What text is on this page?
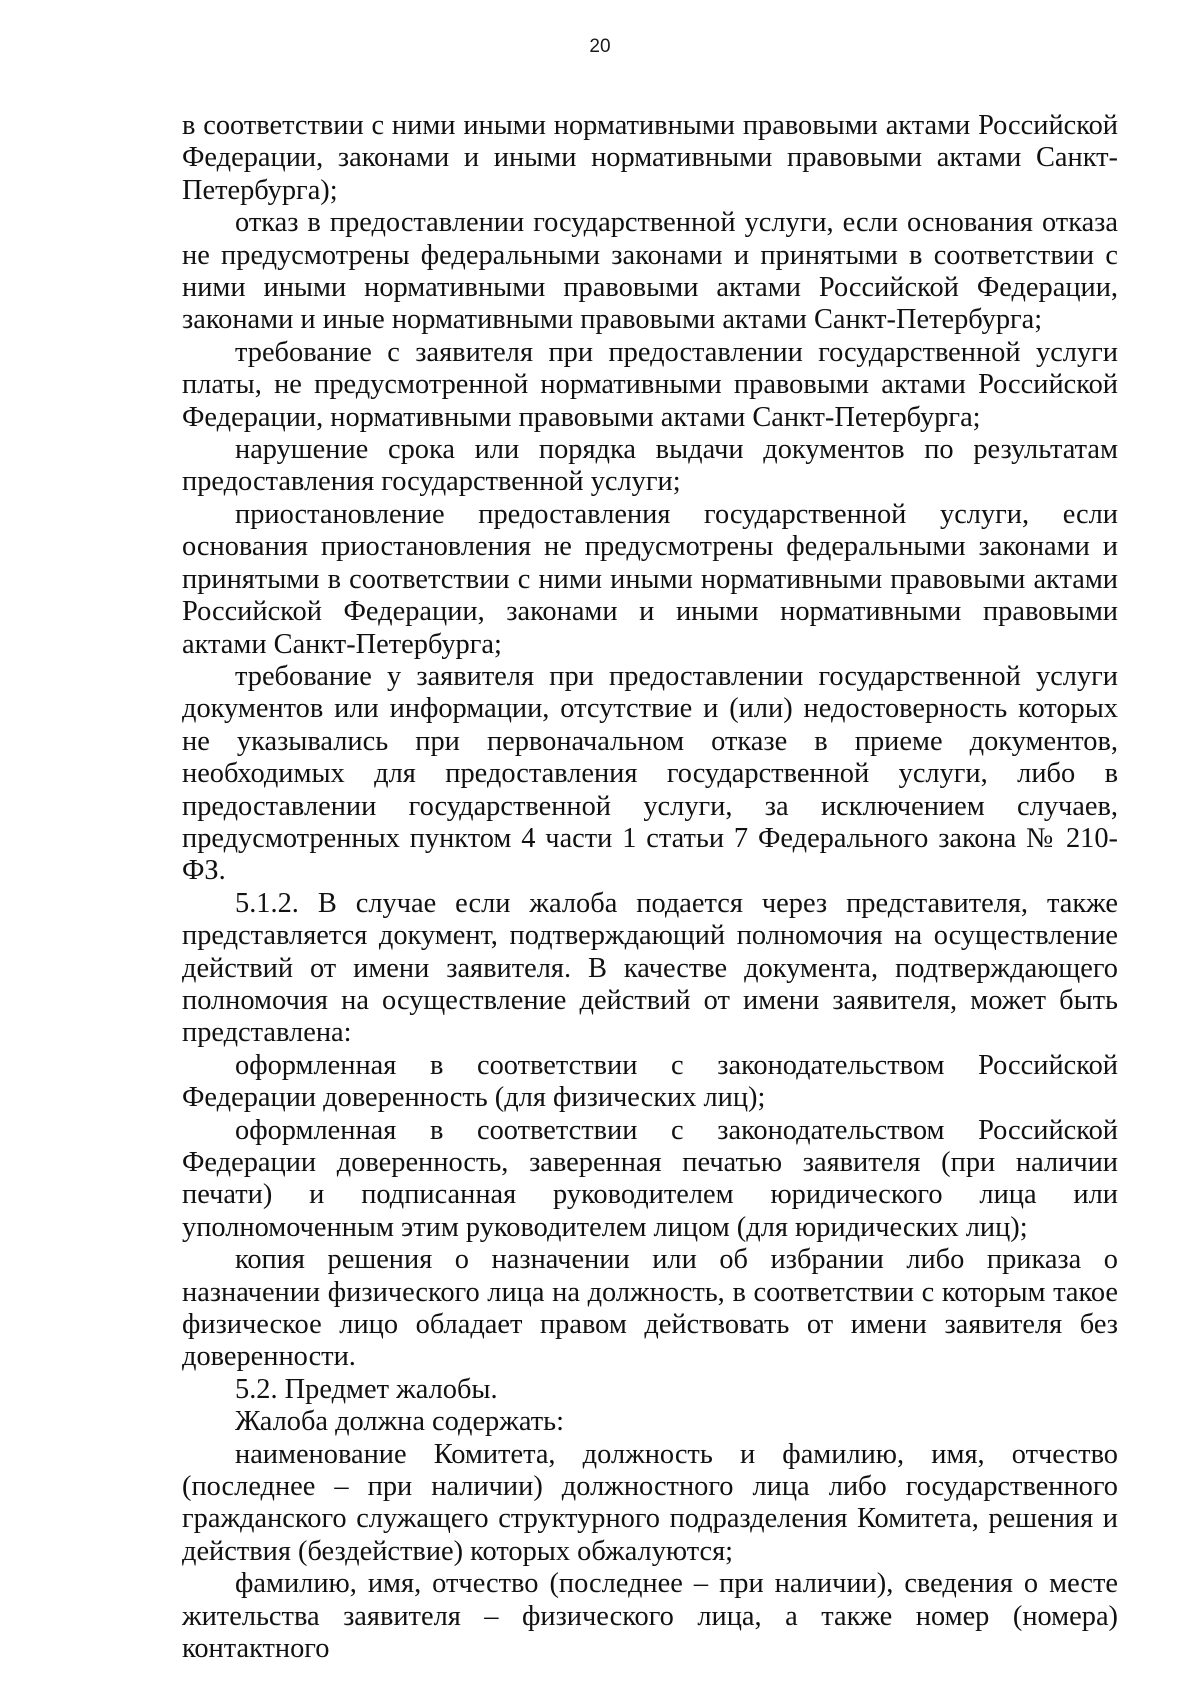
20

в соответствии с ними иными нормативными правовыми актами Российской Федерации, законами и иными нормативными правовыми актами Санкт-Петербурга);

отказ в предоставлении государственной услуги, если основания отказа не предусмотрены федеральными законами и принятыми в соответствии с ними иными нормативными правовыми актами Российской Федерации, законами и иные нормативными правовыми актами Санкт-Петербурга;

требование с заявителя при предоставлении государственной услуги платы, не предусмотренной нормативными правовыми актами Российской Федерации, нормативными правовыми актами Санкт-Петербурга;

нарушение срока или порядка выдачи документов по результатам предоставления государственной услуги;

приостановление предоставления государственной услуги, если основания приостановления не предусмотрены федеральными законами и принятыми в соответствии с ними иными нормативными правовыми актами Российской Федерации, законами и иными нормативными правовыми актами Санкт-Петербурга;

требование у заявителя при предоставлении государственной услуги документов или информации, отсутствие и (или) недостоверность которых не указывались при первоначальном отказе в приеме документов, необходимых для предоставления государственной услуги, либо в предоставлении государственной услуги, за исключением случаев, предусмотренных пунктом 4 части 1 статьи 7 Федерального закона № 210-ФЗ.

5.1.2. В случае если жалоба подается через представителя, также представляется документ, подтверждающий полномочия на осуществление действий от имени заявителя. В качестве документа, подтверждающего полномочия на осуществление действий от имени заявителя, может быть представлена:

оформленная в соответствии с законодательством Российской Федерации доверенность (для физических лиц);

оформленная в соответствии с законодательством Российской Федерации доверенность, заверенная печатью заявителя (при наличии печати) и подписанная руководителем юридического лица или уполномоченным этим руководителем лицом (для юридических лиц);

копия решения о назначении или об избрании либо приказа о назначении физического лица на должность, в соответствии с которым такое физическое лицо обладает правом действовать от имени заявителя без доверенности.

5.2. Предмет жалобы.

Жалоба должна содержать:

наименование Комитета, должность и фамилию, имя, отчество (последнее – при наличии) должностного лица либо государственного гражданского служащего структурного подразделения Комитета, решения и действия (бездействие) которых обжалуются;

фамилию, имя, отчество (последнее – при наличии), сведения о месте жительства заявителя – физического лица, а также номер (номера) контактного
